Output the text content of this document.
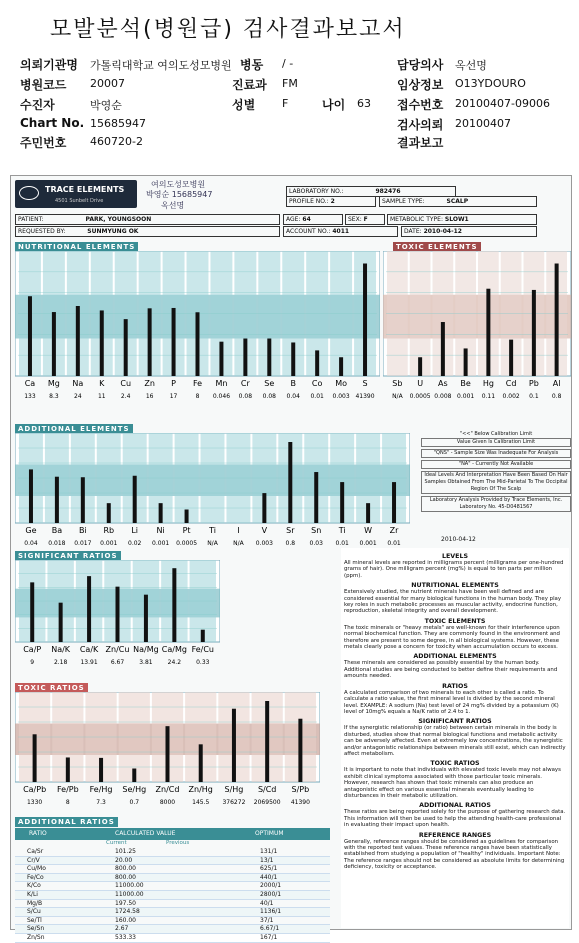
모발분석(병원급) 검사결과보고서
의뢰기관명 가톨릭대학교 여의도성모병원 병동 / -	담당의사 옥선명
병원코드 20007	진료과 FM	임상정보 O13YDOURO
수진자	박영순	성별 F	나이 63 접수번호 20100407-09006
Chart No. 15685947	검사의뢰 20100407
주민번호 460720-2	결과보고
TRACE ELEMENTS
4501 Sunbelt Drive
여의도성모병원
박영순 15685947
옥선명
LABORATORY NO.:	982476
PROFILE NO.: 2	SAMPLE TYPE:	SCALP
PATIENT:	PARK, YOUNGSOON	AGE: 64	SEX: F	METABOLIC TYPE: SLOW1
REQUESTED BY:	SUNMYUNG OK	ACCOUNT NO.: 4011	DATE: 2010-04-12
NUTRITIONAL ELEMENTS
Ca
133
Mg
8.3
Na
24
K
11
Cu
2.4
Zn
16
P
17
Fe
8
Mn
0.046
Cr
0.08
Se
0.08
B
0.04
Co
0.01
Mo
0.003
S
41390
TOXIC ELEMENTS
Sb
N/A
U
0.0005
As
0.008
Be
0.001
Hg
0.11
Cd
0.002
Pb
0.1
Al
0.8
ADDITIONAL ELEMENTS
Ge
0.04
Ba
0.018
Bi
0.017
Rb
0.001
Li
0.02
Ni
0.001
Pt
0.0005
Ti
N/A
I
N/A
V
0.003
Sr
0.8
Sn
0.03
Ti
0.01
W
0.001
Zr
0.01
"<<" Below Calibration Limit
Value Given Is Calibration Limit
"QNS" - Sample Size Was Inadequate For Analysis
"NA" - Currently Not Available
Ideal Levels And Interpretation Have Been Based On Hair Samples Obtained From The Mid-Parietal To The Occipital Region Of The Scalp
Laboratory Analysis Provided by Trace Elements, Inc. Laboratory No. 45-D0481567
2010-04-12
SIGNIFICANT RATIOS
Ca/P
9
Na/K
2.18
Ca/K
13.91
Zn/Cu
6.67
Na/Mg
3.81
Ca/Mg
24.2
Fe/Cu
0.33
TOXIC RATIOS
Ca/Pb
1330
Fe/Pb
8
Fe/Hg
7.3
Se/Hg
0.7
Zn/Cd
8000
Zn/Hg
145.5
S/Hg
376272
S/Cd
2069500
S/Pb
41390
ADDITIONAL RATIOS
RATIO	CALCULATED VALUE	OPTIMUM
Current	Previous
Ca/Sr	101.25	131/1
Cr/V	20.00	13/1
Cu/Mo	800.00	625/1
Fe/Co	800.00	440/1
K/Co	11000.00	2000/1
K/Li	11000.00	2800/1
Mg/B	197.50	40/1
S/Cu	1724.58	1136/1
Se/Tl	160.00	37/1
Se/Sn	2.67	6.67/1
Zn/Sn	533.33	167/1
LEVELS
All mineral levels are reported in milligrams percent (milligrams per one-hundred grams of hair). One milligram percent (mg%) is equal to ten parts per million (ppm).
NUTRITIONAL ELEMENTS
Extensively studied, the nutrient minerals have been well defined and are considered essential for many biological functions in the human body. They play key roles in such metabolic processes as muscular activity, endocrine function, reproduction, skeletal integrity and overall development.
TOXIC ELEMENTS
The toxic minerals or "heavy metals" are well-known for their interference upon normal biochemical function. They are commonly found in the environment and therefore are present to some degree, in all biological systems. However, these metals clearly pose a concern for toxicity when accumulation occurs to excess.
ADDITIONAL ELEMENTS
These minerals are considered as possibly essential by the human body. Additional studies are being conducted to better define their requirements and amounts needed.
RATIOS
A calculated comparison of two minerals to each other is called a ratio. To calculate a ratio value, the first mineral level is divided by the second mineral level. EXAMPLE: A sodium (Na) test level of 24 mg% divided by a potassium (K) level of 10mg% equals a Na/K ratio of 2.4 to 1.
SIGNIFICANT RATIOS
If the synergistic relationship (or ratio) between certain minerals in the body is disturbed, studies show that normal biological functions and metabolic activity can be adversely affected. Even at extremely low concentrations, the synergistic and/or antagonistic relationships between minerals still exist, which can indirectly affect metabolism.
TOXIC RATIOS
It is important to note that individuals with elevated toxic levels may not always exhibit clinical symptoms associated with those particular toxic minerals. However, research has shown that toxic minerals can also produce an antagonistic effect on various essential minerals eventually leading to disturbances in their metabolic utilization.
ADDITIONAL RATIOS
These ratios are being reported solely for the purpose of gathering research data. This information will then be used to help the attending health-care professional in evaluating their impact upon health.
REFERENCE RANGES
Generally, reference ranges should be considered as guidelines for comparison with the reported test values. These reference ranges have been statistically established from studying a population of "healthy" individuals. Important Note: The reference ranges should not be considered as absolute limits for determining deficiency, toxicity or acceptance.
